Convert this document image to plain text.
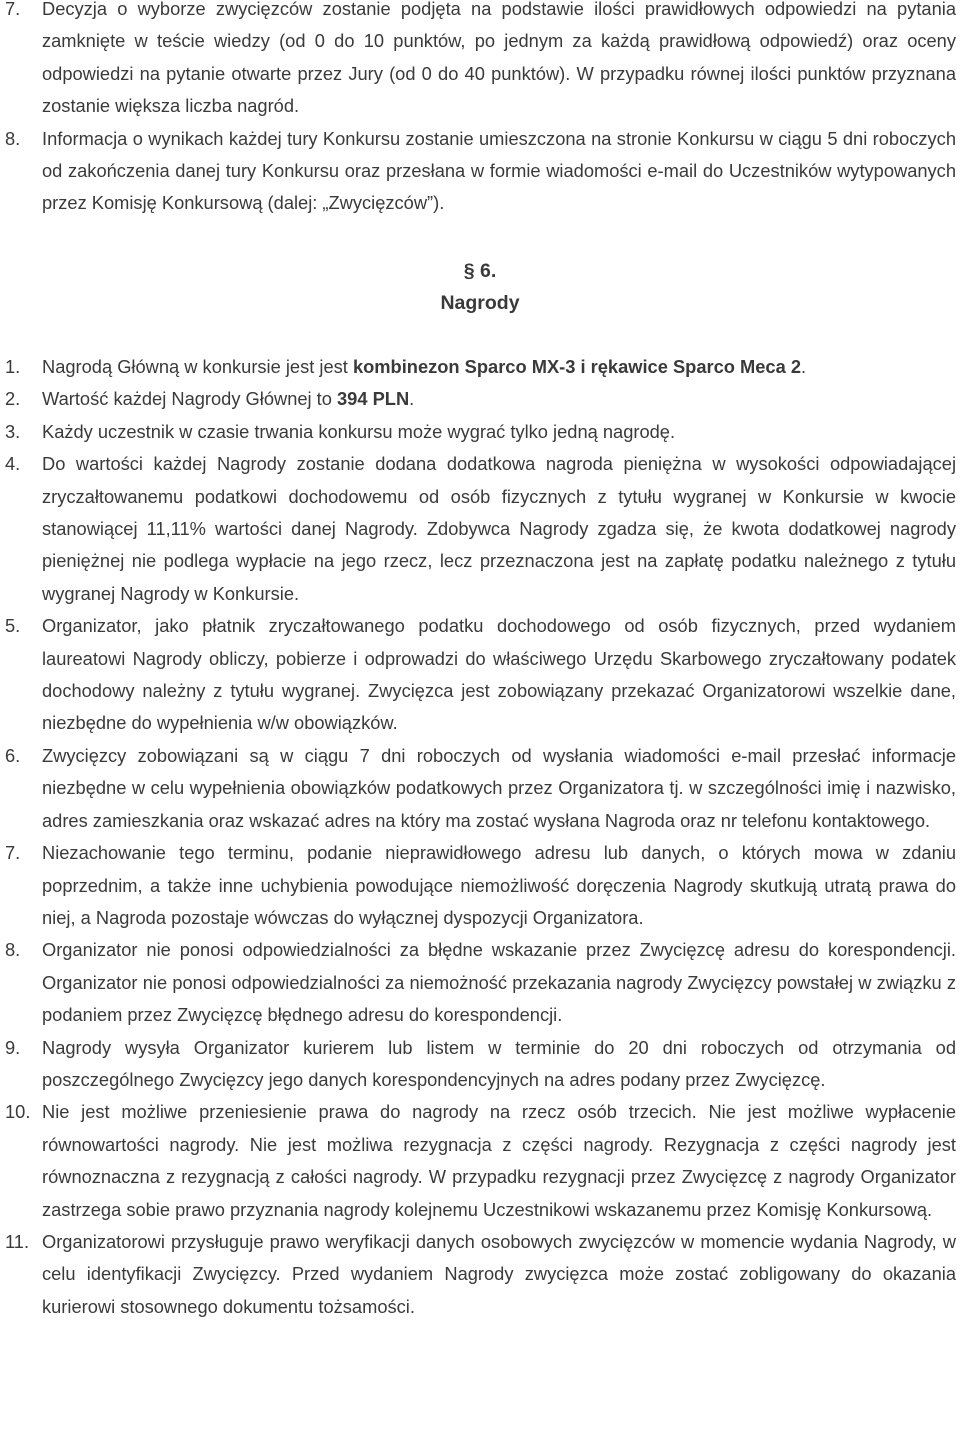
7. Decyzja o wyborze zwycięzców zostanie podjęta na podstawie ilości prawidłowych odpowiedzi na pytania zamknięte w teście wiedzy (od 0 do 10 punktów, po jednym za każdą prawidłową odpowiedź) oraz oceny odpowiedzi na pytanie otwarte przez Jury (od 0 do 40 punktów). W przypadku równej ilości punktów przyznana zostanie większa liczba nagród.

8. Informacja o wynikach każdej tury Konkursu zostanie umieszczona na stronie Konkursu w ciągu 5 dni roboczych od zakończenia danej tury Konkursu oraz przesłana w formie wiadomości e-mail do Uczestników wytypowanych przez Komisję Konkursową (dalej: „Zwycięzców”).

§ 6.
Nagrody
1. Nagrodą Główną w konkursie jest jest kombinezon Sparco MX-3 i rękawice Sparco Meca 2.

2. Wartość każdej Nagrody Głównej to 394 PLN.

3. Każdy uczestnik w czasie trwania konkursu może wygrać tylko jedną nagrodę.

4. Do wartości każdej Nagrody zostanie dodana dodatkowa nagroda pieniężna w wysokości odpowiadającej zryczałtowanemu podatkowi dochodowemu od osób fizycznych z tytułu wygranej w Konkursie w kwocie stanowiącej 11,11% wartości danej Nagrody. Zdobywca Nagrody zgadza się, że kwota dodatkowej nagrody pieniężnej nie podlega wypłacie na jego rzecz, lecz przeznaczona jest na zapłatę podatku należnego z tytułu wygranej Nagrody w Konkursie.

5. Organizator, jako płatnik zryczałtowanego podatku dochodowego od osób fizycznych, przed wydaniem laureatowi Nagrody obliczy, pobierze i odprowadzi do właściwego Urzędu Skarbowego zryczałtowany podatek dochodowy należny z tytułu wygranej. Zwycięzca jest zobowiązany przekazać Organizatorowi wszelkie dane, niezbędne do wypełnienia w/w obowiązków.

6. Zwycięzcy zobowiązani są w ciągu 7 dni roboczych od wysłania wiadomości e-mail przesłać informacje niezbędne w celu wypełnienia obowiązków podatkowych przez Organizatora tj. w szczególności imię i nazwisko, adres zamieszkania oraz wskazać adres na który ma zostać wysłana Nagroda oraz nr telefonu kontaktowego.

7. Niezachowanie tego terminu, podanie nieprawidłowego adresu lub danych, o których mowa w zdaniu poprzednim, a także inne uchybienia powodujące niemożliwość doręczenia Nagrody skutkują utratą prawa do niej, a Nagroda pozostaje wówczas do wyłącznej dyspozycji Organizatora.

8. Organizator nie ponosi odpowiedzialności za błędne wskazanie przez Zwycięzcę adresu do korespondencji. Organizator nie ponosi odpowiedzialności za niemożność przekazania nagrody Zwycięzcy powstałej w związku z podaniem przez Zwycięzcę błędnego adresu do korespondencji.

9. Nagrody wysyła Organizator kurierem lub listem w terminie do 20 dni roboczych od otrzymania od poszczególnego Zwycięzcy jego danych korespondencyjnych na adres podany przez Zwycięzcę.

10. Nie jest możliwe przeniesienie prawa do nagrody na rzecz osób trzecich. Nie jest możliwe wypłacenie równowartości nagrody. Nie jest możliwa rezygnacja z części nagrody. Rezygnacja z części nagrody jest równoznaczna z rezygnacją z całości nagrody. W przypadku rezygnacji przez Zwycięzcę z nagrody Organizator zastrzega sobie prawo przyznania nagrody kolejnemu Uczestnikowi wskazanemu przez Komisję Konkursową.

11. Organizatorowi przysługuje prawo weryfikacji danych osobowych zwycięzców w momencie wydania Nagrody, w celu identyfikacji Zwycięzcy. Przed wydaniem Nagrody zwycięzca może zostać zobligowany do okazania kurierowi stosownego dokumentu tożsamości.
